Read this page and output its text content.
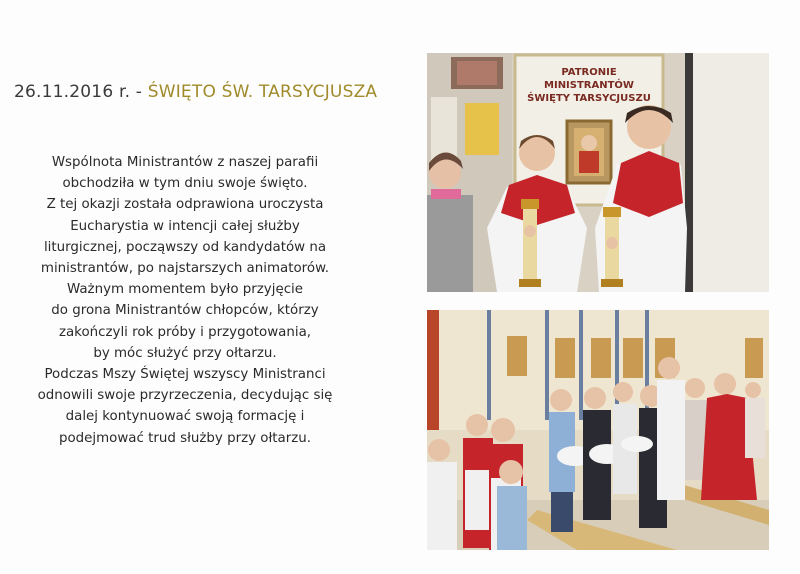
26.11.2016 r. - ŚWIĘTO ŚW. TARSYCJUSZA
Wspólnota Ministrantów z naszej parafii
obchodziła w tym dniu swoje święto.
Z tej okazji została odprawiona uroczysta
Eucharystia w intencji całej służby
liturgicznej, począwszy od kandydatów na
ministrantów, po najstarszych animatorów.
Ważnym momentem było przyjęcie
do grona Ministrantów chłopców, którzy
zakończyli rok próby i przygotowania,
by móc służyć przy ołtarzu.
Podczas Mszy Świętej wszyscy Ministranci
odnowili swoje przyrzeczenia, decydując się
dalej kontynuować swoją formację i
podejmować trud służby przy ołtarzu.
PATRONIE
MINISTRANTÓW
ŚWIĘTY TARSYCJUSZU
